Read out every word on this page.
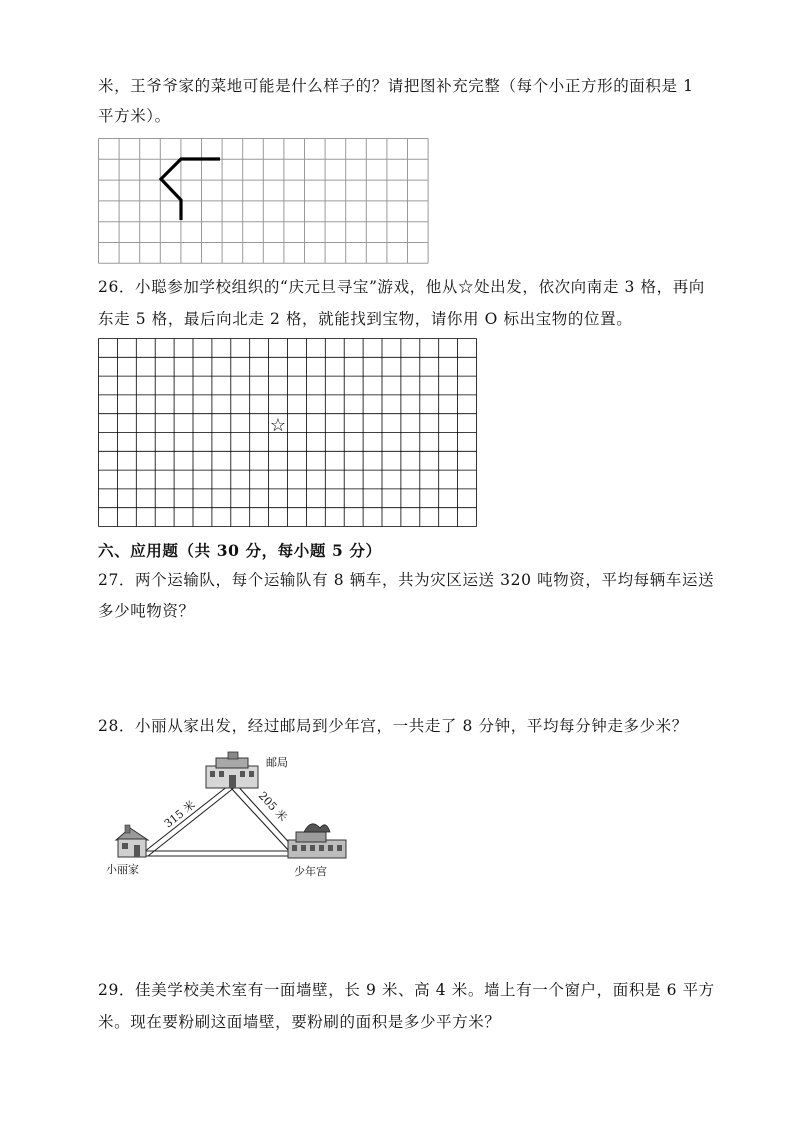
米，王爷爷家的菜地可能是什么样子的？请把图补充完整（每个小正方形的面积是 1
平方米）。
26．小聪参加学校组织的“庆元旦寻宝”游戏，他从☆处出发，依次向南走 3 格，再向
东走 5 格，最后向北走 2 格，就能找到宝物，请你用 O 标出宝物的位置。
☆
六、应用题（共 30 分，每小题 5 分）
27．两个运输队，每个运输队有 8 辆车，共为灾区运送 320 吨物资，平均每辆车运送
多少吨物资？
28．小丽从家出发，经过邮局到少年宫，一共走了 8 分钟，平均每分钟走多少米？
邮局
小丽家	少年宫
315 米	205 米
29．佳美学校美术室有一面墙壁，长 9 米、高 4 米。墙上有一个窗户，面积是 6 平方
米。现在要粉刷这面墙壁，要粉刷的面积是多少平方米？
